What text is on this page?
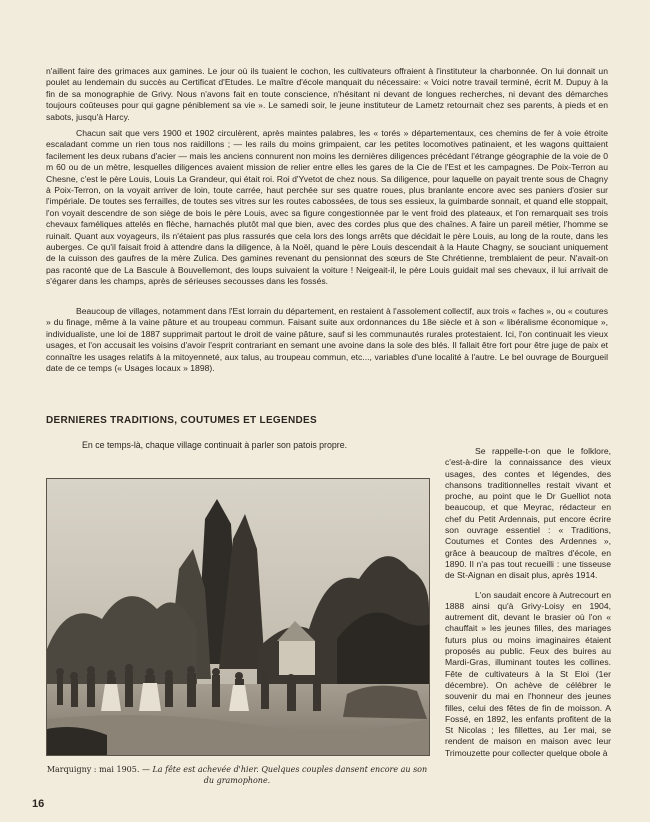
n'aillent faire des grimaces aux gamines. Le jour où ils tuaient le cochon, les cultivateurs offraient à l'instituteur la charbonnée. On lui donnait un poulet au lendemain du succès au Certificat d'Etudes. Le maître d'école manquait du nécessaire: « Voici notre travail terminé, écrit M. Dupuy à la fin de sa monographie de Grivy. Nous n'avons fait en toute conscience, n'hésitant ni devant de longues recherches, ni devant des démarches toujours coûteuses pour qui gagne péniblement sa vie ». Le samedi soir, le jeune instituteur de Lametz retournait chez ses parents, à pieds et en sabots, jusqu'à Harcy.

Chacun sait que vers 1900 et 1902 circulèrent, après maintes palabres, les « torés » départementaux, ces chemins de fer à voie étroite escaladant comme un rien tous nos raidillons ; — les rails du moins grimpaient, car les petites locomotives patinaient, et les wagons quittaient facilement les deux rubans d'acier — mais les anciens connurent non moins les dernières diligences précédant l'étrange géographie de la voie de 0 m 60 ou de un mètre, lesquelles diligences avaient mission de relier entre elles les gares de la Cie de l'Est et les campagnes. De Poix-Terron au Chesne, c'est le père Louis, Louis La Grandeur, qui était roi. Roi d'Yvetot de chez nous. Sa diligence, pour laquelle on payait trente sous de Chagny à Poix-Terron, on la voyait arriver de loin, toute carrée, haut perchée sur ses quatre roues, plus branlante encore avec ses paniers d'osier sur l'impériale. De toutes ses ferrailles, de toutes ses vitres sur les routes cabossées, de tous ses essieux, la guimbarde sonnait, et quand elle stoppait, l'on voyait descendre de son siège de bois le père Louis, avec sa figure congestionnée par le vent froid des plateaux, et l'on remarquait ses trois chevaux faméliques attelés en flèche, harnachés plutôt mal que bien, avec des cordes plus que des chaînes. A faire un pareil métier, l'homme se ruinait. Quant aux voyageurs, ils n'étaient pas plus rassurés que cela lors des longs arrêts que décidait le père Louis, au long de la route, dans les auberges. Ce qu'il faisait froid à attendre dans la diligence, à la Noël, quand le père Louis descendait à la Haute Chagny, se souciant uniquement de la cuisson des gaufres de la mère Zulica. Des gamines revenant du pensionnat des sœurs de Ste Chrétienne, tremblaient de peur. N'avait-on pas raconté que de La Bascule à Bouvellemont, des loups suivaient la voiture ! Neigeait-il, le père Louis guidait mal ses chevaux, il lui arrivait de s'égarer dans les champs, après de sérieuses secousses dans les fossés.

Beaucoup de villages, notamment dans l'Est lorrain du département, en restaient à l'assolement collectif, aux trois « faches », ou « coutures » du finage, même à la vaine pâture et au troupeau commun. Faisant suite aux ordonnances du 18e siècle et à son « libéralisme économique », individualiste, une loi de 1887 supprimait partout le droit de vaine pâture, sauf si les communautés rurales protestaient. Ici, l'on continuait les vieux usages, et l'on accusait les voisins d'avoir l'esprit contrariant en semant une avoine dans la sole des blés. Il fallait être fort pour être juge de paix et connaître les usages relatifs à la mitoyenneté, aux talus, au troupeau commun, etc..., variables d'une localité à l'autre. Le bel ouvrage de Bourgueil date de ce temps (« Usages locaux » 1898).

DERNIERES TRADITIONS, COUTUMES ET LEGENDES

En ce temps-là, chaque village continuait à parler son patois propre.

Marquigny : mai 1905. — La fête est achevée d'hier. Quelques couples dansent encore au son du gramophone.

Se rappelle-t-on que le folklore, c'est-à-dire la connaissance des vieux usages, des contes et légendes, des chansons traditionnelles restait vivant et proche, au point que le Dr Guelliot nota beaucoup, et que Meyrac, rédacteur en chef du Petit Ardennais, put encore écrire son ouvrage essentiel : « Traditions, Coutumes et Contes des Ardennes », grâce à beaucoup de maîtres d'école, en 1890. Il n'a pas tout recueilli : une tisseuse de St-Aignan en disait plus, après 1914.

L'on saudait encore à Autrecourt en 1888 ainsi qu'à Grivy-Loisy en 1904, autrement dit, devant le brasier où l'on « chauffait » les jeunes filles, des mariages futurs plus ou moins imaginaires étaient proposés au public. Feux des buires au Mardi-Gras, illuminant toutes les collines. Fête de cultivateurs à la St Eloi (1er décembre). On achève de célébrer le souvenir du mai en l'honneur des jeunes filles, celui des fêtes de fin de moisson. A Fossé, en 1892, les enfants profitent de la St Nicolas ; les fillettes, au 1er mai, se rendent de maison en maison avec leur Trimouzette pour collecter quelque obole à

16
